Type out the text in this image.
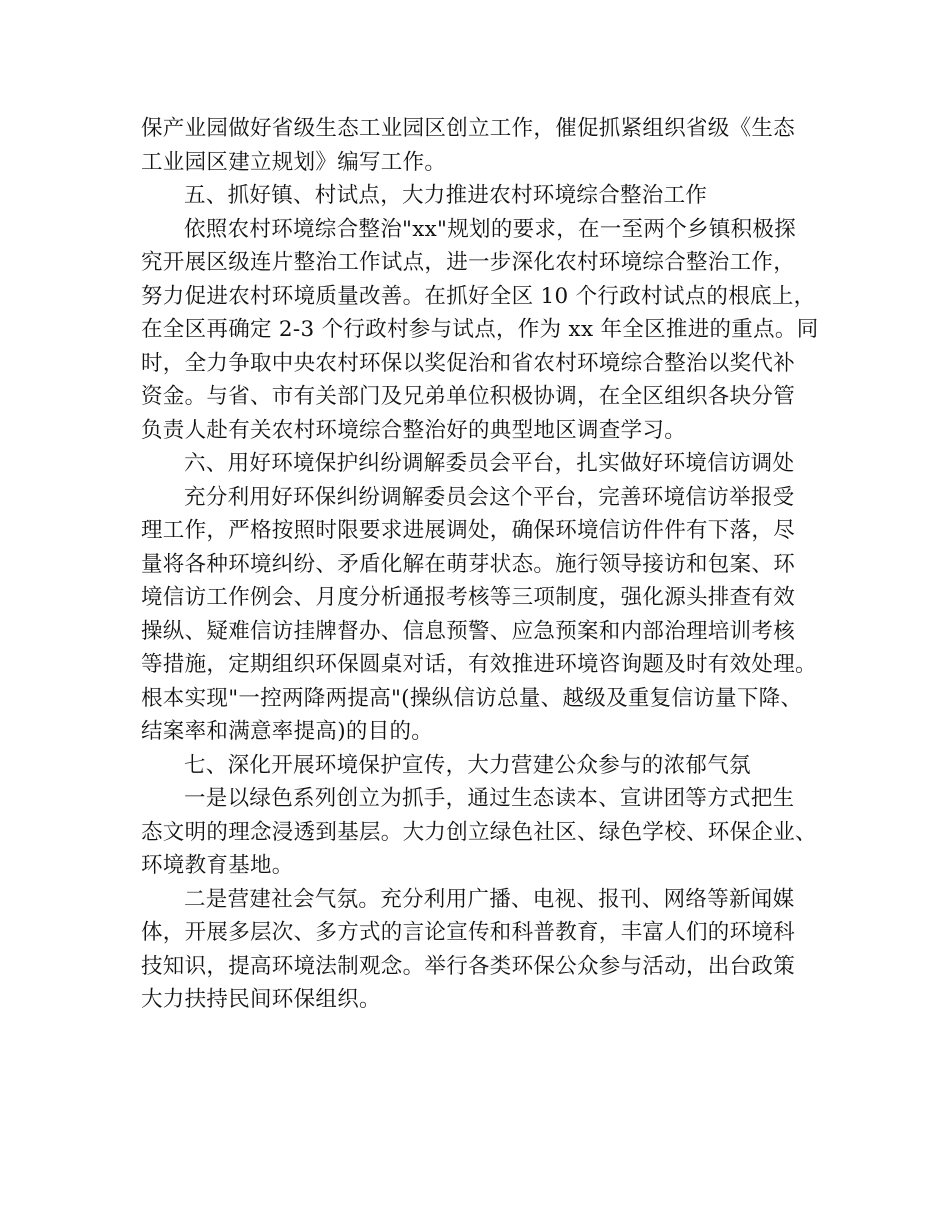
保产业园做好省级生态工业园区创立工作，催促抓紧组织省级《生态
工业园区建立规划》编写工作。
五、抓好镇、村试点，大力推进农村环境综合整治工作
依照农村环境综合整治"xx"规划的要求，在一至两个乡镇积极探
究开展区级连片整治工作试点，进一步深化农村环境综合整治工作，
努力促进农村环境质量改善。在抓好全区 10 个行政村试点的根底上，
在全区再确定 2-3 个行政村参与试点，作为 xx 年全区推进的重点。同
时，全力争取中央农村环保以奖促治和省农村环境综合整治以奖代补
资金。与省、市有关部门及兄弟单位积极协调，在全区组织各块分管
负责人赴有关农村环境综合整治好的典型地区调查学习。
六、用好环境保护纠纷调解委员会平台，扎实做好环境信访调处
充分利用好环保纠纷调解委员会这个平台，完善环境信访举报受
理工作，严格按照时限要求进展调处，确保环境信访件件有下落，尽
量将各种环境纠纷、矛盾化解在萌芽状态。施行领导接访和包案、环
境信访工作例会、月度分析通报考核等三项制度，强化源头排查有效
操纵、疑难信访挂牌督办、信息预警、应急预案和内部治理培训考核
等措施，定期组织环保圆桌对话，有效推进环境咨询题及时有效处理。
根本实现"一控两降两提高"(操纵信访总量、越级及重复信访量下降、
结案率和满意率提高)的目的。
七、深化开展环境保护宣传，大力营建公众参与的浓郁气氛
一是以绿色系列创立为抓手，通过生态读本、宣讲团等方式把生
态文明的理念浸透到基层。大力创立绿色社区、绿色学校、环保企业、
环境教育基地。
二是营建社会气氛。充分利用广播、电视、报刊、网络等新闻媒
体，开展多层次、多方式的言论宣传和科普教育，丰富人们的环境科
技知识，提高环境法制观念。举行各类环保公众参与活动，出台政策
大力扶持民间环保组织。
